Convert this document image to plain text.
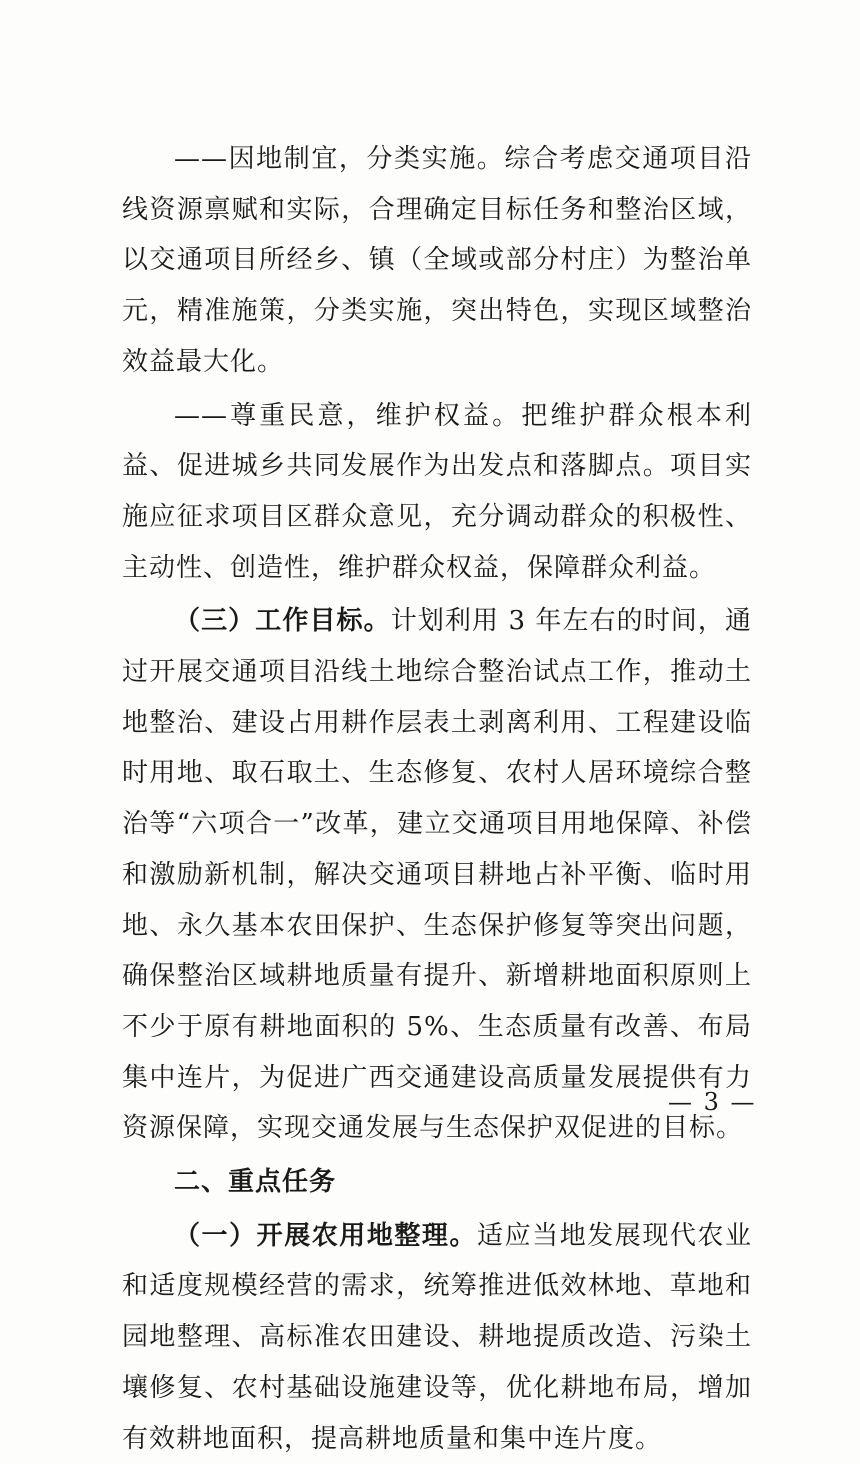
——因地制宜，分类实施。综合考虑交通项目沿线资源禀赋和实际，合理确定目标任务和整治区域，以交通项目所经乡、镇（全域或部分村庄）为整治单元，精准施策，分类实施，突出特色，实现区域整治效益最大化。

——尊重民意，维护权益。把维护群众根本利益、促进城乡共同发展作为出发点和落脚点。项目实施应征求项目区群众意见，充分调动群众的积极性、主动性、创造性，维护群众权益，保障群众利益。

（三）工作目标。计划利用 3 年左右的时间，通过开展交通项目沿线土地综合整治试点工作，推动土地整治、建设占用耕作层表土剥离利用、工程建设临时用地、取石取土、生态修复、农村人居环境综合整治等“六项合一”改革，建立交通项目用地保障、补偿和激励新机制，解决交通项目耕地占补平衡、临时用地、永久基本农田保护、生态保护修复等突出问题，确保整治区域耕地质量有提升、新增耕地面积原则上不少于原有耕地面积的 5%、生态质量有改善、布局集中连片，为促进广西交通建设高质量发展提供有力资源保障，实现交通发展与生态保护双促进的目标。

二、重点任务

（一）开展农用地整理。适应当地发展现代农业和适度规模经营的需求，统筹推进低效林地、草地和园地整理、高标准农田建设、耕地提质改造、污染土壤修复、农村基础设施建设等，优化耕地布局，增加有效耕地面积，提高耕地质量和集中连片度。

— 3 —
